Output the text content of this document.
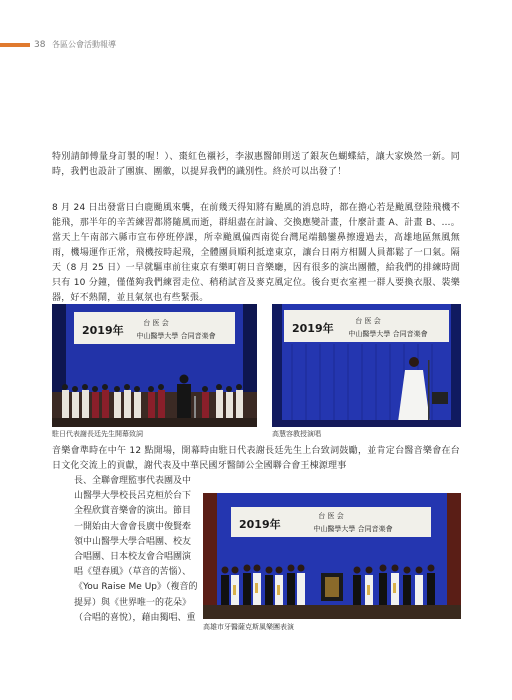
38 各區公會活動報導

特別請師傅量身訂製的喔！）、棗紅色襯衫，李淑惠醫師則送了銀灰色蝴蝶結，讓大家煥然一新。同時，我們也設計了團旗、團徽，以提昇我們的識別性。終於可以出發了！

8 月 24 日出發當日白鹿颱風來襲，在前幾天得知將有颱風的消息時，都在擔心若是颱風登陸飛機不能飛，那半年的辛苦練習都將隨風而逝，群組盡在討論、交換應變計畫，什麼計畫 A、計畫 B、…。當天上午南部六縣市宣布停班停課，所幸颱風偏西南從台灣尾端鵝鑾鼻擦邊過去，高雄地區無風無雨，機場運作正常，飛機按時起飛，全體團員順利抵達東京，讓台日兩方相關人員都鬆了一口氣。隔天（8 月 25 日）一早就驅車前往東京有樂町朝日音樂廳，因有很多的演出團體，給我們的排練時間只有 10 分鐘，僅僅夠我們練習走位、稍稍試音及麥克風定位。後台更衣室裡一群人要換衣服、裝樂器，好不熱鬧，並且氣氛也有些緊張。

2019年
台 医 会
中山醫學大學 合同音楽會
駐日代表謝長廷先生開幕致詞
2019年
台 医 会
中山醫學大學 合同音楽會
高慧容教授演唱

音樂會準時在中午 12 點開場，開幕時由駐日代表謝長廷先生上台致詞鼓勵，並肯定台醫音樂會在台日文化交流上的貢獻，謝代表及中華民國牙醫師公全國聯合會王棟源理事

長、全聯會理監事代表團及中
山醫學大學校長呂克桓於台下
全程欣賞音樂會的演出。節目
一開始由大會會長廣中俊賢牽
領中山醫學大學合唱團、校友
合唱團、日本校友會合唱團演
唱《望春風》（草音的苦惱）、
《You Raise Me Up》（複音的
提昇）與《世界唯一的花朵》
（合唱的喜悅），藉由獨唱、重
2019年
台 医 会
中山醫學大學 合同音楽會
高雄市牙醫薩克斯風樂團表演
